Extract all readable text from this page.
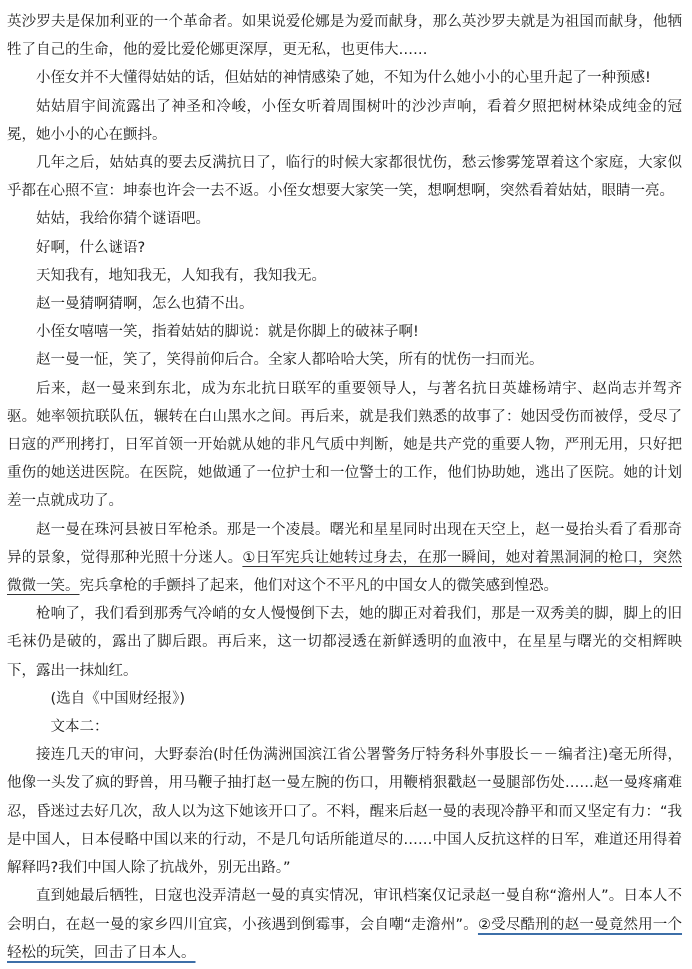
英沙罗夫是保加利亚的一个革命者。如果说爱伦娜是为爱而献身，那么英沙罗夫就是为祖国而献身，他牺牲了自己的生命，他的爱比爱伦娜更深厚，更无私，也更伟大……

小侄女并不大懂得姑姑的话，但姑姑的神情感染了她，不知为什么她小小的心里升起了一种预感!

姑姑眉宇间流露出了神圣和冷峻，小侄女听着周围树叶的沙沙声响，看着夕照把树林染成纯金的冠冕，她小小的心在颤抖。

几年之后，姑姑真的要去反满抗日了，临行的时候大家都很忧伤，愁云惨雾笼罩着这个家庭，大家似乎都在心照不宣：坤泰也许会一去不返。小侄女想要大家笑一笑，想啊想啊，突然看着姑姑，眼睛一亮。

姑姑，我给你猜个谜语吧。

好啊，什么谜语?

天知我有，地知我无，人知我有，我知我无。

赵一曼猜啊猜啊，怎么也猜不出。

小侄女嘻嘻一笑，指着姑姑的脚说：就是你脚上的破袜子啊!

赵一曼一怔，笑了，笑得前仰后合。全家人都哈哈大笑，所有的忧伤一扫而光。

后来，赵一曼来到东北，成为东北抗日联军的重要领导人，与著名抗日英雄杨靖宇、赵尚志并驾齐驱。她率领抗联队伍，辗转在白山黑水之间。再后来，就是我们熟悉的故事了：她因受伤而被俘，受尽了日寇的严刑拷打，日军首领一开始就从她的非凡气质中判断，她是共产党的重要人物，严刑无用，只好把重伤的她送进医院。在医院，她做通了一位护士和一位警士的工作，他们协助她，逃出了医院。她的计划差一点就成功了。

赵一曼在珠河县被日军枪杀。那是一个凌晨。曙光和星星同时出现在天空上，赵一曼抬头看了看那奇异的景象，觉得那种光照十分迷人。①日军宪兵让她转过身去，在那一瞬间，她对着黑洞洞的枪口，突然微微一笑。宪兵拿枪的手颤抖了起来，他们对这个不平凡的中国女人的微笑感到惶恐。

枪响了，我们看到那秀气冷峭的女人慢慢倒下去，她的脚正对着我们，那是一双秀美的脚，脚上的旧毛袜仍是破的，露出了脚后跟。再后来，这一切都浸透在新鲜透明的血液中，在星星与曙光的交相辉映下，露出一抹灿红。

(选自《中国财经报》)

文本二：

接连几天的审问，大野泰治(时任伪满洲国滨江省公署警务厅特务科外事股长－－编者注)毫无所得，他像一头发了疯的野兽，用马鞭子抽打赵一曼左腕的伤口，用鞭梢狠戳赵一曼腿部伤处……赵一曼疼痛难忍，昏迷过去好几次，敌人以为这下她该开口了。不料，醒来后赵一曼的表现冷静平和而又坚定有力：“我是中国人，日本侵略中国以来的行动，不是几句话所能道尽的……中国人反抗这样的日军，难道还用得着解释吗?我们中国人除了抗战外，别无出路。”

直到她最后牺牲，日寇也没弄清赵一曼的真实情况，审讯档案仅记录赵一曼自称“澹州人”。日本人不会明白，在赵一曼的家乡四川宜宾，小孩遇到倒霉事，会自嘲“走澹州”。②受尽酷刑的赵一曼竟然用一个轻松的玩笑，回击了日本人。
